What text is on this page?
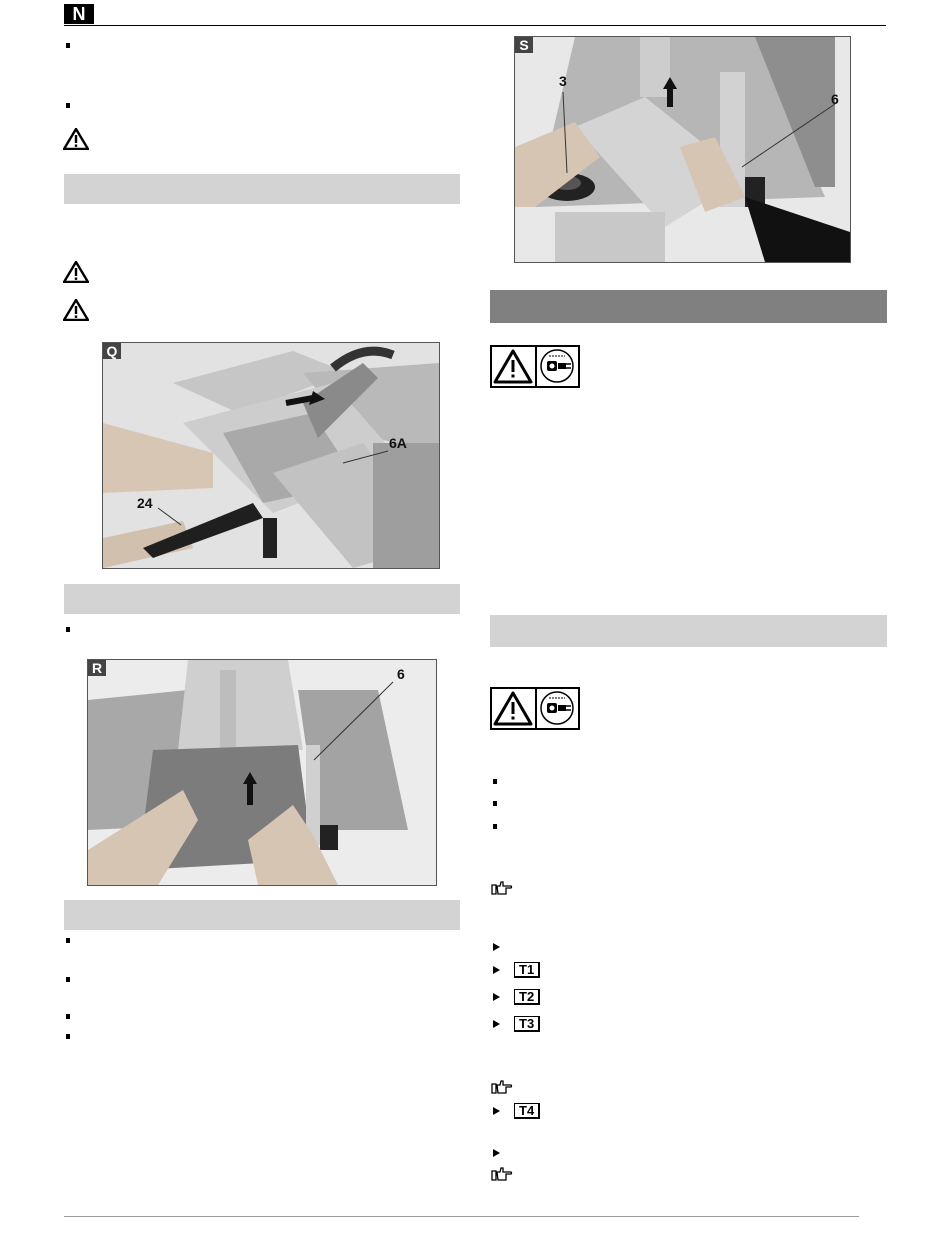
N
Q
6A
24
R	6
S
3
6
T1
T2
T3
T4
